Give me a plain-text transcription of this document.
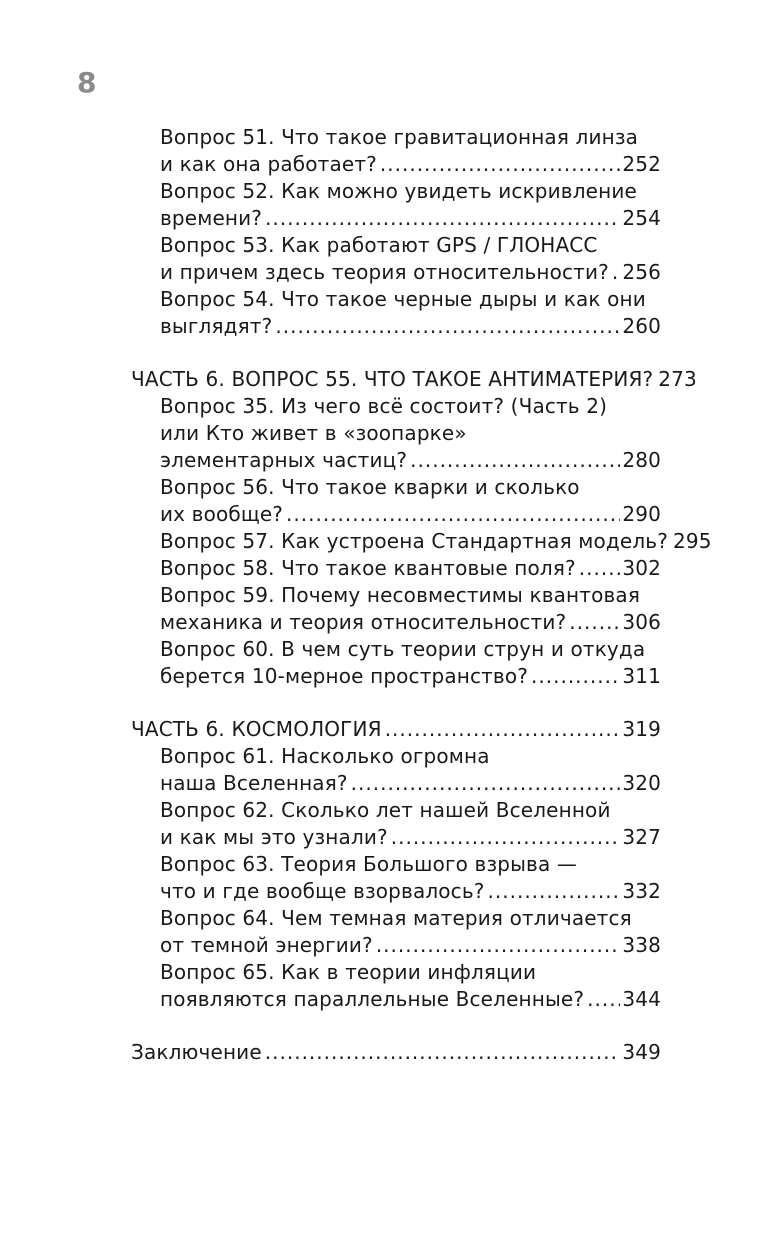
8
Вопрос 51. Что такое гравитационная линза
и как она работает? .....	252
Вопрос 52. Как можно увидеть искривление
времени? .....	254
Вопрос 53. Как работают GPS / ГЛОНАСС
и причем здесь теория относительности? ..... 256
Вопрос 54. Что такое черные дыры и как они
выглядят? .....	260
ЧАСТЬ 6. ВОПРОС 55. ЧТО ТАКОЕ АНТИМАТЕРИЯ? 273
Вопрос 35. Из чего всё состоит? (Часть 2)
или Кто живет в «зоопарке»
элементарных частиц? .....	280
Вопрос 56. Что такое кварки и сколько
их вообще? .....	290
Вопрос 57. Как устроена Стандартная модель? 295
Вопрос 58. Что такое квантовые поля? ..... 302
Вопрос 59. Почему несовместимы квантовая
механика и теория относительности? .....	306
Вопрос 60. В чем суть теории струн и откуда
берется 10-мерное пространство? .....	311
ЧАСТЬ 6. КОСМОЛОГИЯ .....	319
Вопрос 61. Насколько огромна
наша Вселенная? .....	320
Вопрос 62. Сколько лет нашей Вселенной
и как мы это узнали? .....	327
Вопрос 63. Теория Большого взрыва —
что и где вообще взорвалось? .....	332
Вопрос 64. Чем темная материя отличается
от темной энергии? .....	338
Вопрос 65. Как в теории инфляции
появляются параллельные Вселенные? ..... 344
Заключение .....	349
